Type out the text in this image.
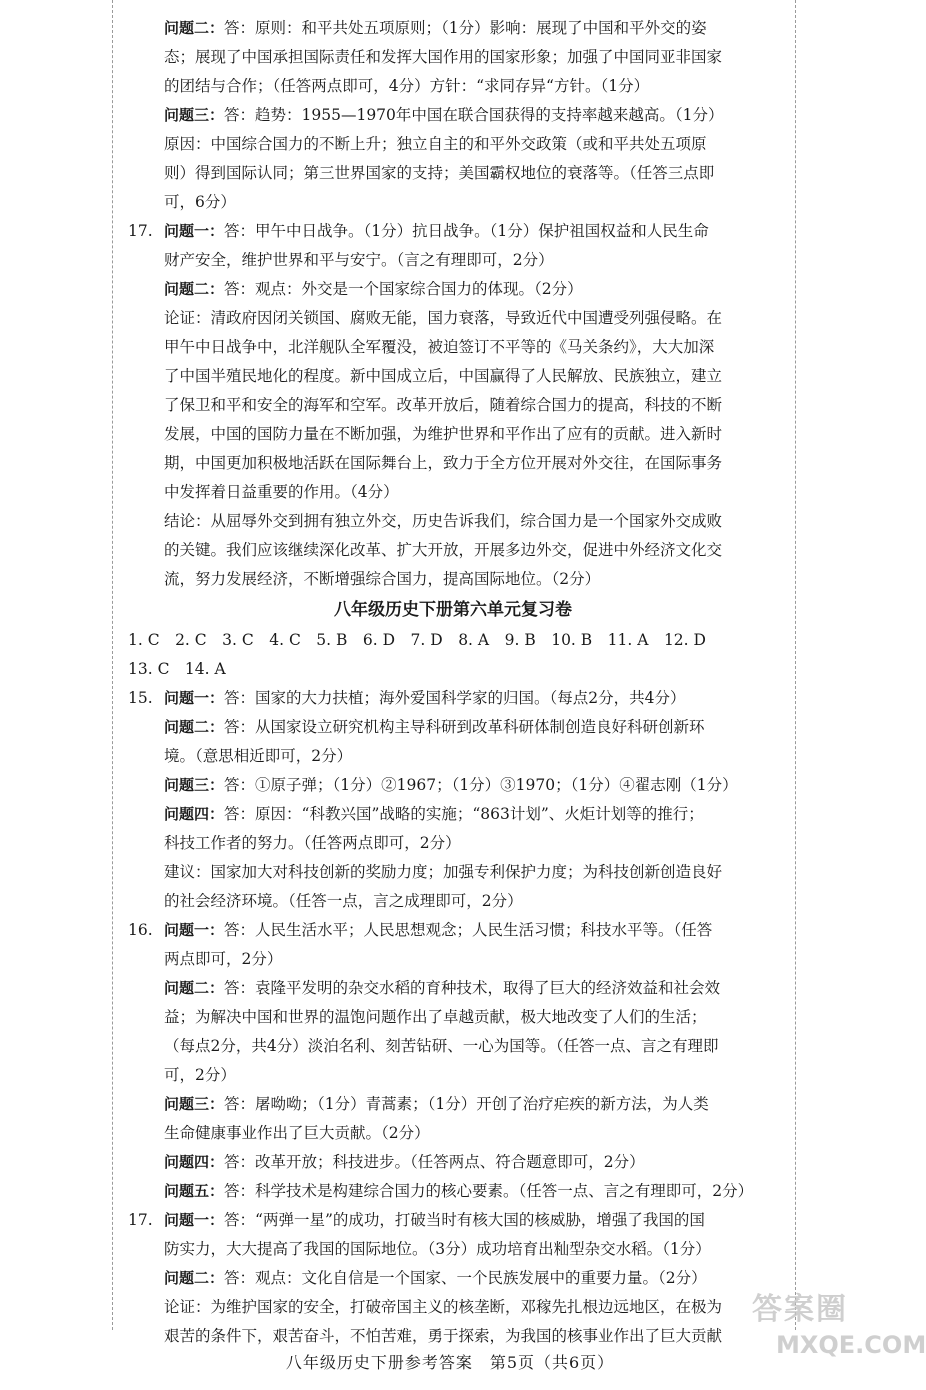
问题二：答：原则：和平共处五项原则；（1分）影响：展现了中国和平外交的姿
态；展现了中国承担国际责任和发挥大国作用的国家形象；加强了中国同亚非国家
的团结与合作；（任答两点即可，4分）方针：“求同存异“方针。（1分）
问题三：答：趋势：1955—1970年中国在联合国获得的支持率越来越高。（1分）
原因：中国综合国力的不断上升；独立自主的和平外交政策（或和平共处五项原
则）得到国际认同；第三世界国家的支持；美国霸权地位的衰落等。（任答三点即
可，6分）
17. 问题一：答：甲午中日战争。（1分）抗日战争。（1分）保护祖国权益和人民生命
财产安全，维护世界和平与安宁。（言之有理即可，2分）
问题二：答：观点：外交是一个国家综合国力的体现。（2分）
论证：清政府因闭关锁国、腐败无能，国力衰落，导致近代中国遭受列强侵略。在
甲午中日战争中，北洋舰队全军覆没，被迫签订不平等的《马关条约》，大大加深
了中国半殖民地化的程度。新中国成立后，中国赢得了人民解放、民族独立，建立
了保卫和平和安全的海军和空军。改革开放后，随着综合国力的提高，科技的不断
发展，中国的国防力量在不断加强，为维护世界和平作出了应有的贡献。进入新时
期，中国更加积极地活跃在国际舞台上，致力于全方位开展对外交往，在国际事务
中发挥着日益重要的作用。（4分）
结论：从屈辱外交到拥有独立外交，历史告诉我们，综合国力是一个国家外交成败
的关键。我们应该继续深化改革、扩大开放，开展多边外交，促进中外经济文化交
流，努力发展经济，不断增强综合国力，提高国际地位。（2分）
八年级历史下册第六单元复习卷
1. C　2. C　3. C　4. C　5. B　6. D　7. D　8. A　9. B　10. B　11. A　12. D
13. C　14. A
15. 问题一：答：国家的大力扶植；海外爱国科学家的归国。（每点2分，共4分）
问题二：答：从国家设立研究机构主导科研到改革科研体制创造良好科研创新环
境。（意思相近即可，2分）
问题三：答：①原子弹；（1分）②1967；（1分）③1970；（1分）④翟志刚（1分）
问题四：答：原因：“科教兴国”战略的实施；“863计划”、火炬计划等的推行；
科技工作者的努力。（任答两点即可，2分）
建议：国家加大对科技创新的奖励力度；加强专利保护力度；为科技创新创造良好
的社会经济环境。（任答一点，言之成理即可，2分）
16. 问题一：答：人民生活水平；人民思想观念；人民生活习惯；科技水平等。（任答
两点即可，2分）
问题二：答：袁隆平发明的杂交水稻的育种技术，取得了巨大的经济效益和社会效
益；为解决中国和世界的温饱问题作出了卓越贡献，极大地改变了人们的生活；
（每点2分，共4分）淡泊名利、刻苦钻研、一心为国等。（任答一点、言之有理即
可，2分）
问题三：答：屠呦呦；（1分）青蒿素；（1分）开创了治疗疟疾的新方法，为人类
生命健康事业作出了巨大贡献。（2分）
问题四：答：改革开放；科技进步。（任答两点、符合题意即可，2分）
问题五：答：科学技术是构建综合国力的核心要素。（任答一点、言之有理即可，2分）
17. 问题一：答：“两弹一星”的成功，打破当时有核大国的核威胁，增强了我国的国
防实力，大大提高了我国的国际地位。（3分）成功培育出籼型杂交水稻。（1分）
问题二：答：观点：文化自信是一个国家、一个民族发展中的重要力量。（2分）
论证：为维护国家的安全，打破帝国主义的核垄断，邓稼先扎根边远地区，在极为
艰苦的条件下，艰苦奋斗，不怕苦难，勇于探索，为我国的核事业作出了巨大贡献
八年级历史下册参考答案　第5页（共6页）
答案圈
MXQE.COM
